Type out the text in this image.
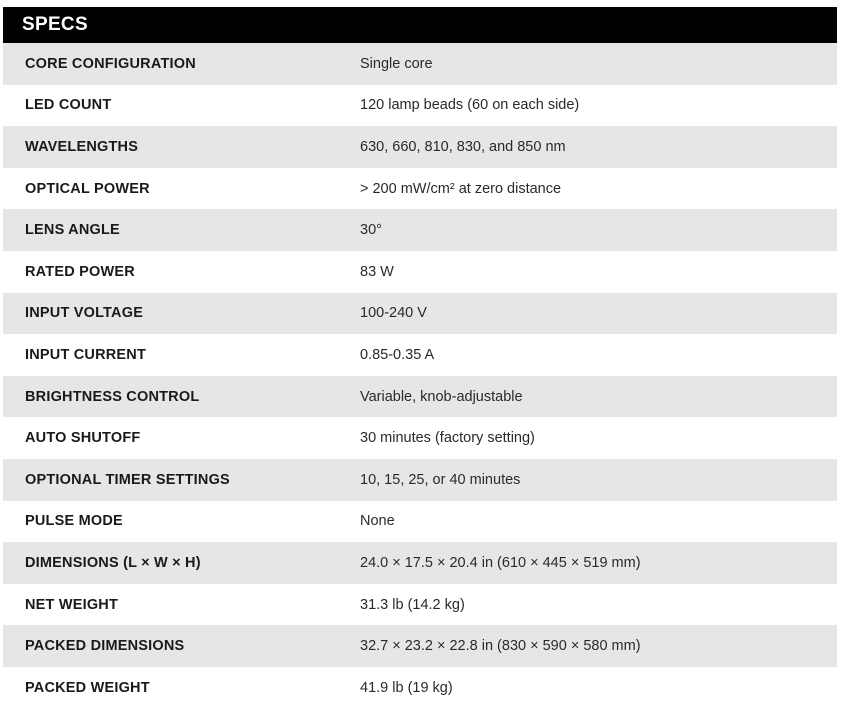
SPECS
CORE CONFIGURATION	Single core
LED COUNT	120 lamp beads (60 on each side)
WAVELENGTHS	630, 660, 810, 830, and 850 nm
OPTICAL POWER	> 200 mW/cm² at zero distance
LENS ANGLE	30°
RATED POWER	83 W
INPUT VOLTAGE	100-240 V
INPUT CURRENT	0.85-0.35 A
BRIGHTNESS CONTROL	Variable, knob-adjustable
AUTO SHUTOFF	30 minutes (factory setting)
OPTIONAL TIMER SETTINGS	10, 15, 25, or 40 minutes
PULSE MODE	None
DIMENSIONS (L × W × H)	24.0 × 17.5 × 20.4 in (610 × 445 × 519 mm)
NET WEIGHT	31.3 lb (14.2 kg)
PACKED DIMENSIONS	32.7 × 23.2 × 22.8 in (830 × 590 × 580 mm)
PACKED WEIGHT	41.9 lb (19 kg)
